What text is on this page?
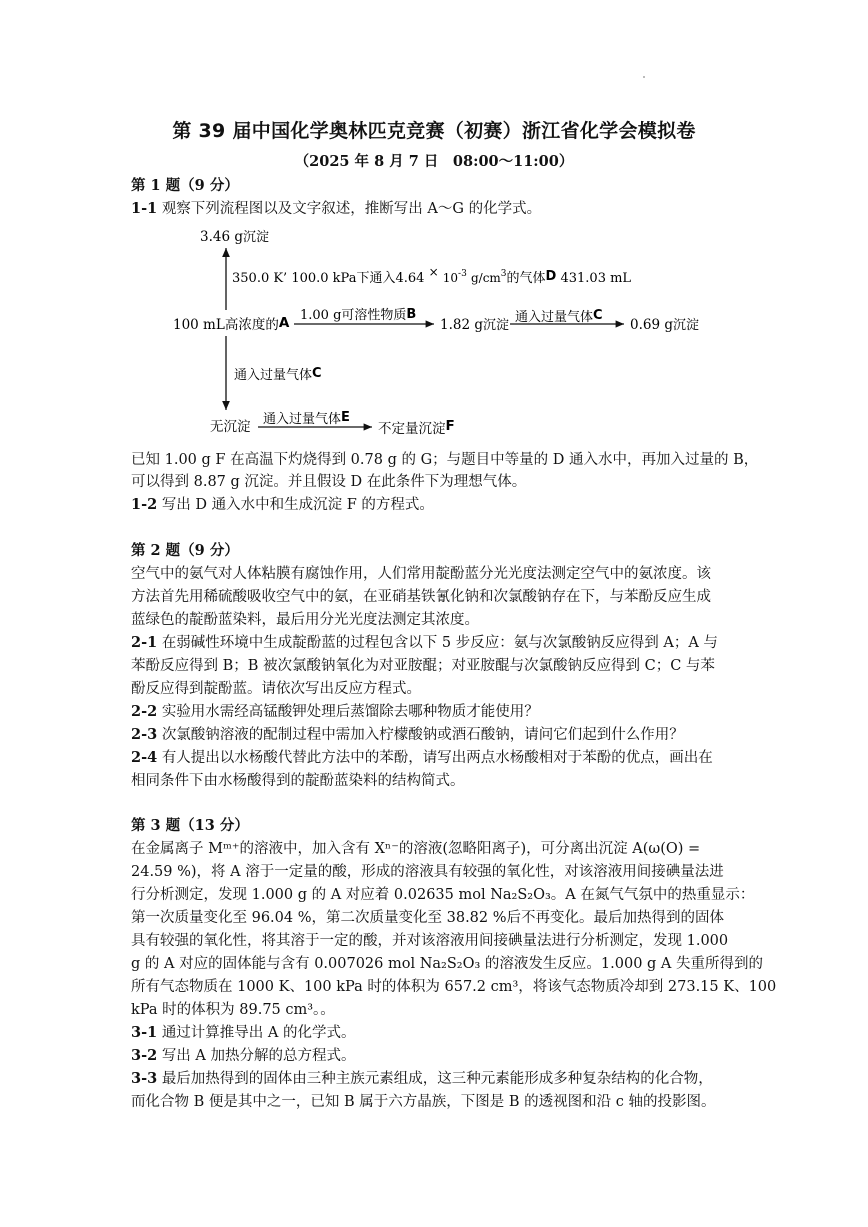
第 39 届中国化学奥林匹克竞赛（初赛）浙江省化学会模拟卷
（2025 年 8 月 7 日　08:00～11:00）
第 1 题（9 分）
1-1 观察下列流程图以及文字叙述，推断写出 A～G 的化学式。
3.46 g沉淀
350.0 K’ 100.0 kPa下通入$4.64 \times 10^{-3}$ $g/cm^3$的气体D 431.03 mL
100 mL高浓度的A 1.00 g可溶性物质B
1.82 g沉淀
通入过量气体C
0.69 g沉淀
通入过量气体C
无沉淀 通入过量气体E
不定量沉淀F
已知 1.00 g F 在高温下灼烧得到 0.78 g 的 G；与题目中等量的 D 通入水中，再加入过量的 B，
可以得到 8.87 g 沉淀。并且假设 D 在此条件下为理想气体。
1-2 写出 D 通入水中和生成沉淀 F 的方程式。
第 2 题（9 分）
空气中的氨气对人体粘膜有腐蚀作用，人们常用靛酚蓝分光光度法测定空气中的氨浓度。该
方法首先用稀硫酸吸收空气中的氨，在亚硝基铁氰化钠和次氯酸钠存在下，与苯酚反应生成
蓝绿色的靛酚蓝染料，最后用分光光度法测定其浓度。
2-1 在弱碱性环境中生成靛酚蓝的过程包含以下 5 步反应：氨与次氯酸钠反应得到 A；A 与
苯酚反应得到 B；B 被次氯酸钠氧化为对亚胺醌；对亚胺醌与次氯酸钠反应得到 C；C 与苯
酚反应得到靛酚蓝。请依次写出反应方程式。
2-2 实验用水需经高锰酸钾处理后蒸馏除去哪种物质才能使用？
2-3 次氯酸钠溶液的配制过程中需加入柠檬酸钠或酒石酸钠，请问它们起到什么作用？
2-4 有人提出以水杨酸代替此方法中的苯酚，请写出两点水杨酸相对于苯酚的优点，画出在
相同条件下由水杨酸得到的靛酚蓝染料的结构简式。
第 3 题（13 分）
在金属离子 Mᵐ⁺的溶液中，加入含有 Xⁿ⁻的溶液(忽略阳离子)，可分离出沉淀 A(ω(O) =
24.59 %)，将 A 溶于一定量的酸，形成的溶液具有较强的氧化性，对该溶液用间接碘量法进
行分析测定，发现 1.000 g 的 A 对应着 0.02635 mol Na₂S₂O₃。A 在氮气气氛中的热重显示：
第一次质量变化至 96.04 %，第二次质量变化至 38.82 %后不再变化。最后加热得到的固体
具有较强的氧化性，将其溶于一定的酸，并对该溶液用间接碘量法进行分析测定，发现 1.000
g 的 A 对应的固体能与含有 0.007026 mol Na₂S₂O₃ 的溶液发生反应。1.000 g A 失重所得到的
所有气态物质在 1000 K、100 kPa 时的体积为 657.2 cm³，将该气态物质冷却到 273.15 K、100
kPa 时的体积为 89.75 cm³。。
3-1 通过计算推导出 A 的化学式。
3-2 写出 A 加热分解的总方程式。
3-3 最后加热得到的固体由三种主族元素组成，这三种元素能形成多种复杂结构的化合物，
而化合物 B 便是其中之一，已知 B 属于六方晶族，下图是 B 的透视图和沿 c 轴的投影图。
